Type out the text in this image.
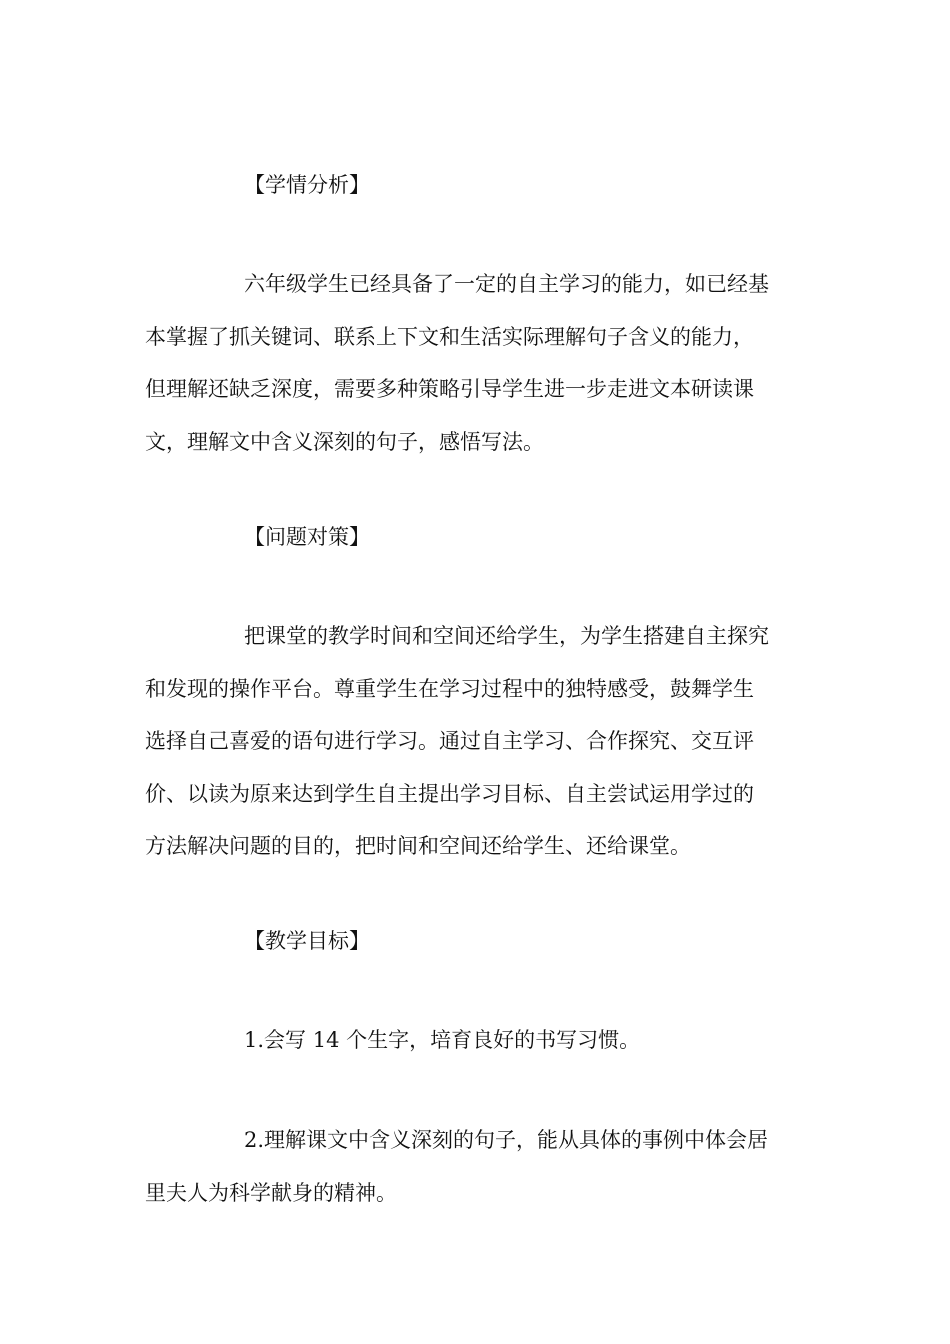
【学情分析】
六年级学生已经具备了一定的自主学习的能力，如已经基
本掌握了抓关键词、联系上下文和生活实际理解句子含义的能力，
但理解还缺乏深度，需要多种策略引导学生进一步走进文本研读课
文，理解文中含义深刻的句子，感悟写法。
【问题对策】
把课堂的教学时间和空间还给学生，为学生搭建自主探究
和发现的操作平台。尊重学生在学习过程中的独特感受，鼓舞学生
选择自己喜爱的语句进行学习。通过自主学习、合作探究、交互评
价、以读为原来达到学生自主提出学习目标、自主尝试运用学过的
方法解决问题的目的，把时间和空间还给学生、还给课堂。
【教学目标】
1.会写 14 个生字，培育良好的书写习惯。
2.理解课文中含义深刻的句子，能从具体的事例中体会居
里夫人为科学献身的精神。
